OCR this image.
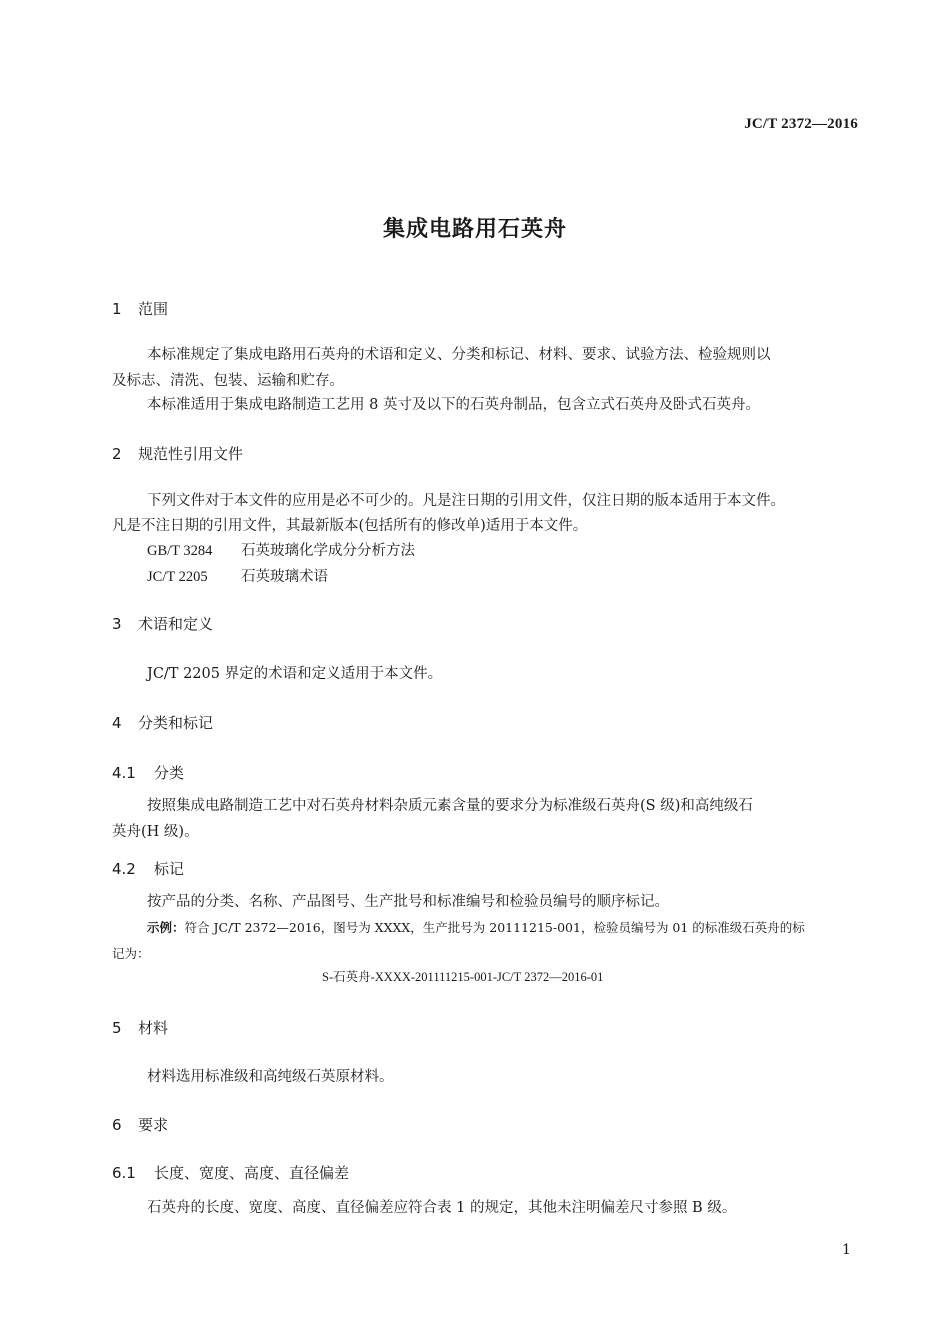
JC/T 2372—2016
集成电路用石英舟
1 范围
本标准规定了集成电路用石英舟的术语和定义、分类和标记、材料、要求、试验方法、检验规则以
及标志、清洗、包装、运输和贮存。
本标准适用于集成电路制造工艺用 8 英寸及以下的石英舟制品，包含立式石英舟及卧式石英舟。
2 规范性引用文件
下列文件对于本文件的应用是必不可少的。凡是注日期的引用文件，仅注日期的版本适用于本文件。
凡是不注日期的引用文件，其最新版本(包括所有的修改单)适用于本文件。
GB/T 3284 石英玻璃化学成分分析方法
JC/T 2205 石英玻璃术语
3 术语和定义
JC/T 2205 界定的术语和定义适用于本文件。
4 分类和标记
4.1 分类
按照集成电路制造工艺中对石英舟材料杂质元素含量的要求分为标准级石英舟(S 级)和高纯级石
英舟(H 级)。
4.2 标记
按产品的分类、名称、产品图号、生产批号和标准编号和检验员编号的顺序标记。
示例：符合 JC/T 2372—2016，图号为 XXXX，生产批号为 20111215-001，检验员编号为 01 的标准级石英舟的标
记为：
S-石英舟-XXXX-201111215-001-JC/T 2372—2016-01
5 材料
材料选用标准级和高纯级石英原材料。
6 要求
6.1 长度、宽度、高度、直径偏差
石英舟的长度、宽度、高度、直径偏差应符合表 1 的规定，其他未注明偏差尺寸参照 B 级。
1
